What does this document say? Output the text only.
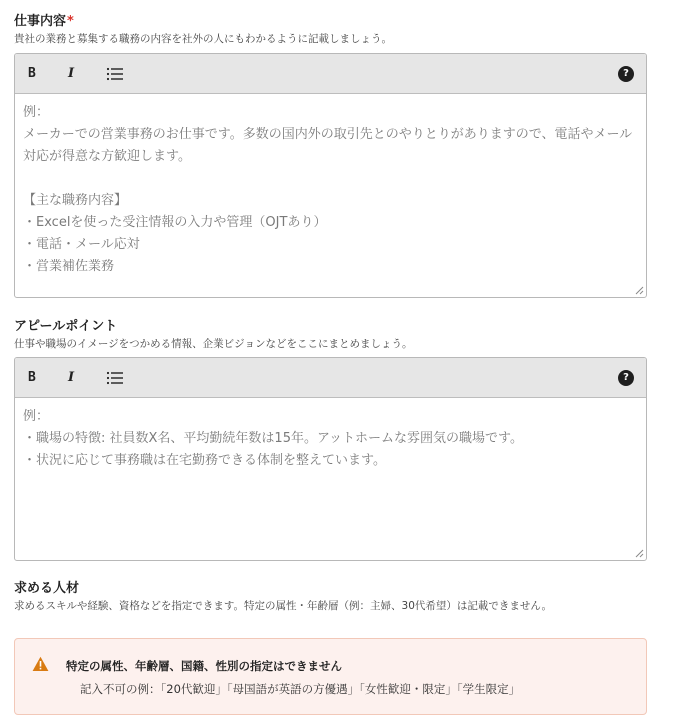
仕事内容*
貴社の業務と募集する職務の内容を社外の人にもわかるように記載しましょう。
B I	?
例：
メーカーでの営業事務のお仕事です。多数の国内外の取引先とのやりとりがありますので、電話やメール対応が得意な方歓迎します。

【主な職務内容】
・Excelを使った受注情報の入力や管理（OJTあり）
・電話・メール応対
・営業補佐業務
アピールポイント
仕事や職場のイメージをつかめる情報、企業ビジョンなどをここにまとめましょう。
B I	?
例：
・職場の特徴: 社員数X名、平均勤続年数は15年。アットホームな雰囲気の職場です。
・状況に応じて事務職は在宅勤務できる体制を整えています。
求める人材
求めるスキルや経験、資格などを指定できます。特定の属性・年齢層（例：主婦、30代希望）は記載できません。
特定の属性、年齢層、国籍、性別の指定はできません
記入不可の例：「20代歓迎」「母国語が英語の方優遇」「女性歓迎・限定」「学生限定」
